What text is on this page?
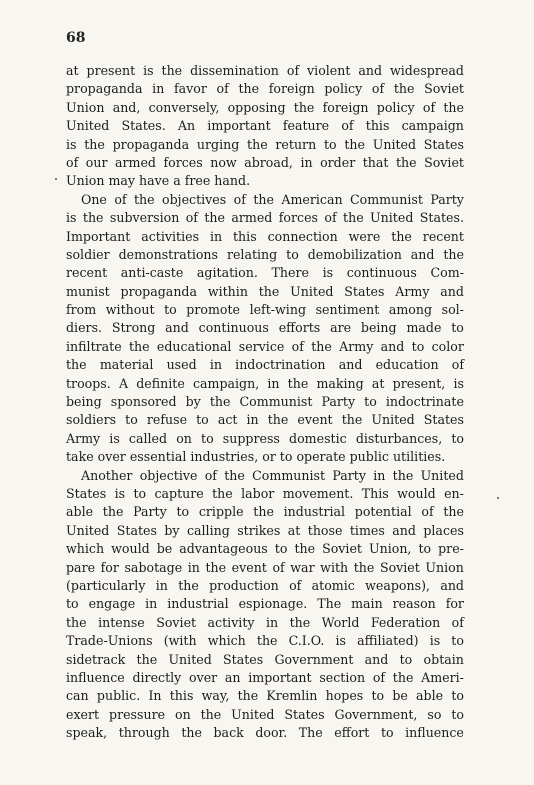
68
at present is the dissemination of violent and widespread
propaganda in favor of the foreign policy of the Soviet
Union and, conversely, opposing the foreign policy of the
United States. An important feature of this campaign
is the propaganda urging the return to the United States
of our armed forces now abroad, in order that the Soviet
Union may have a free hand.
One of the objectives of the American Communist Party
is the subversion of the armed forces of the United States.
Important activities in this connection were the recent
soldier demonstrations relating to demobilization and the
recent anti-caste agitation. There is continuous Com-
munist propaganda within the United States Army and
from without to promote left-wing sentiment among sol-
diers. Strong and continuous efforts are being made to
infiltrate the educational service of the Army and to color
the material used in indoctrination and education of
troops. A definite campaign, in the making at present, is
being sponsored by the Communist Party to indoctrinate
soldiers to refuse to act in the event the United States
Army is called on to suppress domestic disturbances, to
take over essential industries, or to operate public utilities.
Another objective of the Communist Party in the United
States is to capture the labor movement. This would en-
able the Party to cripple the industrial potential of the
United States by calling strikes at those times and places
which would be advantageous to the Soviet Union, to pre-
pare for sabotage in the event of war with the Soviet Union
(particularly in the production of atomic weapons), and
to engage in industrial espionage. The main reason for
the intense Soviet activity in the World Federation of
Trade-Unions (with which the C.I.O. is affiliated) is to
sidetrack the United States Government and to obtain
influence directly over an important section of the Ameri-
can public. In this way, the Kremlin hopes to be able to
exert pressure on the United States Government, so to
speak, through the back door. The effort to influence
